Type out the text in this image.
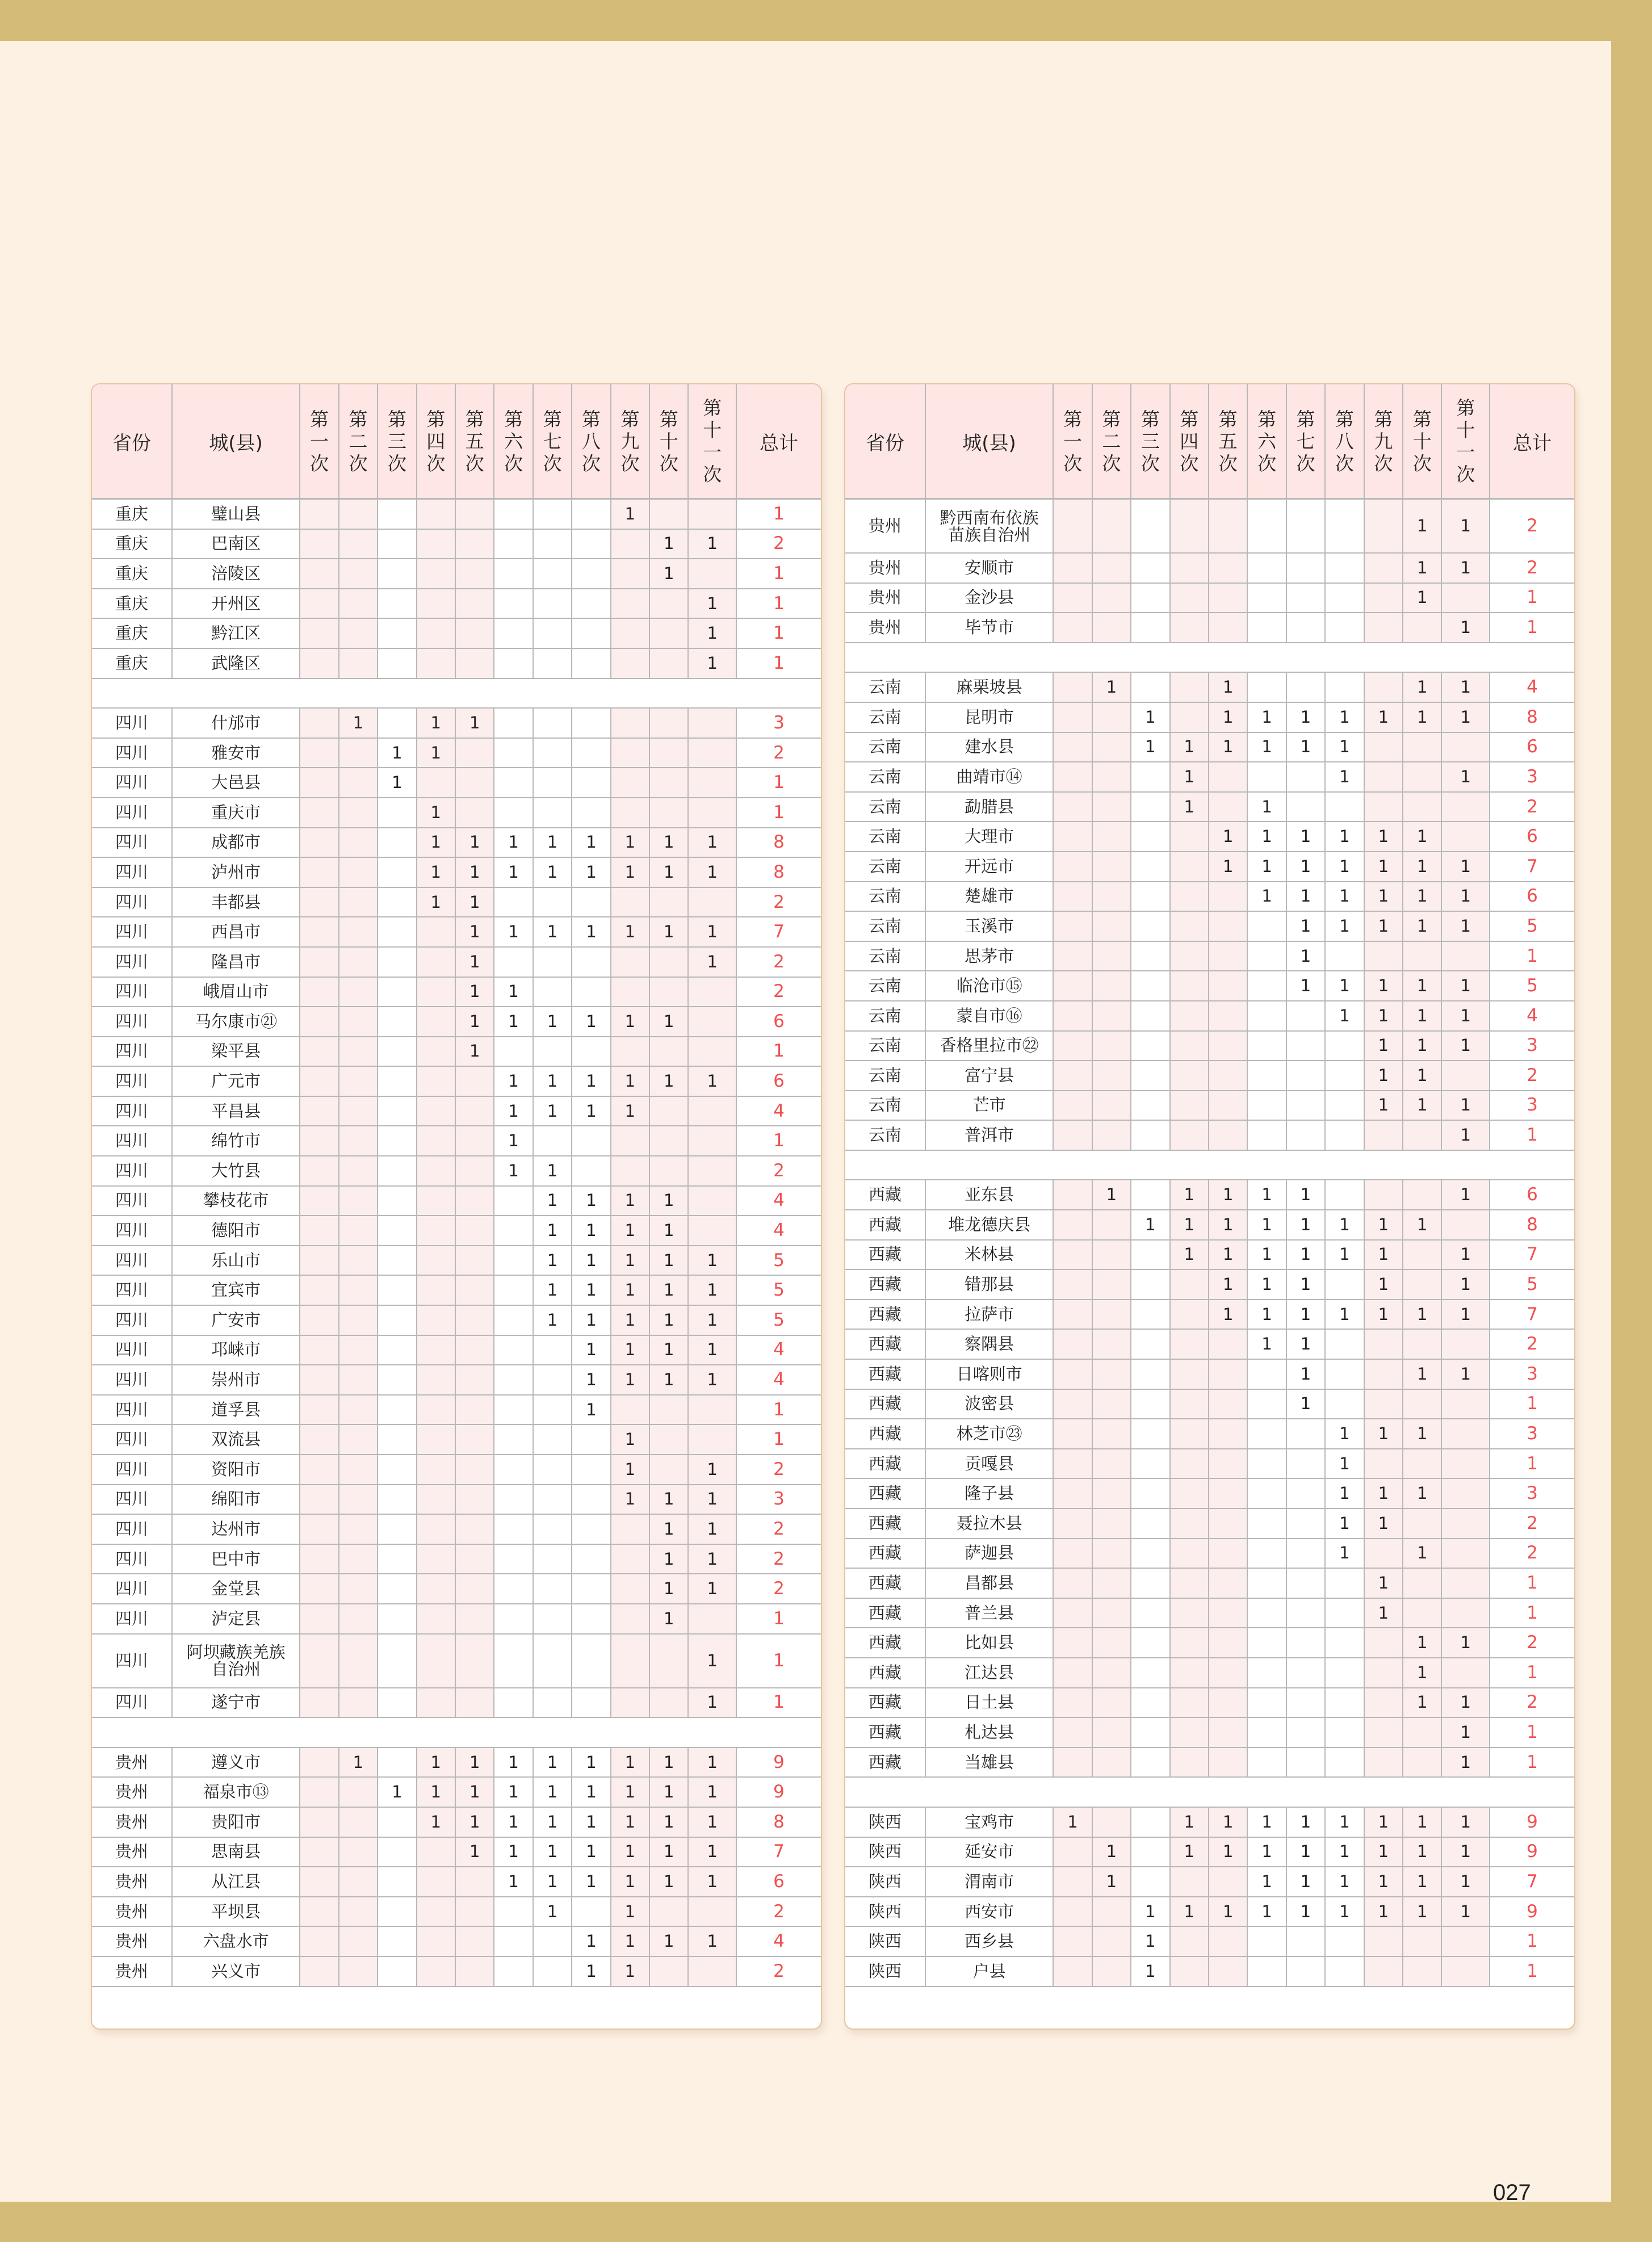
省份	城(县)	第
一
次	第
二
次	第
三
次	第
四
次	第
五
次	第
六
次	第
七
次	第
八
次	第
九
次	第
十
次	第
十一
次	总计
重庆	璧山县									1			1
重庆	巴南区										1	1	2
重庆	涪陵区										1		1
重庆	开州区											1	1
重庆	黔江区											1	1
重庆	武隆区											1	1

四川	什邡市		1		1	1							3
四川	雅安市			1	1								2
四川	大邑县			1									1
四川	重庆市				1								1
四川	成都市				1	1	1	1	1	1	1	1	8
四川	泸州市				1	1	1	1	1	1	1	1	8
四川	丰都县				1	1							2
四川	西昌市					1	1	1	1	1	1	1	7
四川	隆昌市					1						1	2
四川	峨眉山市					1	1						2
四川	马尔康市㉑					1	1	1	1	1	1		6
四川	梁平县					1							1
四川	广元市						1	1	1	1	1	1	6
四川	平昌县						1	1	1	1			4
四川	绵竹市						1						1
四川	大竹县						1	1					2
四川	攀枝花市							1	1	1	1		4
四川	德阳市							1	1	1	1		4
四川	乐山市							1	1	1	1	1	5
四川	宜宾市							1	1	1	1	1	5
四川	广安市							1	1	1	1	1	5
四川	邛崃市								1	1	1	1	4
四川	崇州市								1	1	1	1	4
四川	道孚县								1				1
四川	双流县									1			1
四川	资阳市									1		1	2
四川	绵阳市									1	1	1	3
四川	达州市										1	1	2
四川	巴中市										1	1	2
四川	金堂县										1	1	2
四川	泸定县										1		1
四川	阿坝藏族羌族自治州											1	1
四川	遂宁市											1	1

贵州	遵义市		1		1	1	1	1	1	1	1	1	9
贵州	福泉市⑬			1	1	1	1	1	1	1	1	1	9
贵州	贵阳市				1	1	1	1	1	1	1	1	8
贵州	思南县					1	1	1	1	1	1	1	7
贵州	从江县						1	1	1	1	1	1	6
贵州	平坝县							1		1			2
贵州	六盘水市								1	1	1	1	4
贵州	兴义市								1	1			2
省份	城(县)	第
一
次	第
二
次	第
三
次	第
四
次	第
五
次	第
六
次	第
七
次	第
八
次	第
九
次	第
十
次	第
十一
次	总计
贵州	黔西南布依族苗族自治州										1	1	2
贵州	安顺市										1	1	2
贵州	金沙县										1		1
贵州	毕节市											1	1

云南	麻栗坡县		1			1					1	1	4
云南	昆明市			1		1	1	1	1	1	1	1	8
云南	建水县			1	1	1	1	1	1				6
云南	曲靖市⑭				1				1			1	3
云南	勐腊县				1		1						2
云南	大理市					1	1	1	1	1	1		6
云南	开远市					1	1	1	1	1	1	1	7
云南	楚雄市						1	1	1	1	1	1	6
云南	玉溪市							1	1	1	1	1	5
云南	思茅市							1					1
云南	临沧市⑮							1	1	1	1	1	5
云南	蒙自市⑯								1	1	1	1	4
云南	香格里拉市㉒									1	1	1	3
云南	富宁县									1	1		2
云南	芒市									1	1	1	3
云南	普洱市											1	1

西藏	亚东县		1		1	1	1	1				1	6
西藏	堆龙德庆县			1	1	1	1	1	1	1	1		8
西藏	米林县				1	1	1	1	1	1		1	7
西藏	错那县					1	1	1		1		1	5
西藏	拉萨市					1	1	1	1	1	1	1	7
西藏	察隅县						1	1					2
西藏	日喀则市							1			1	1	3
西藏	波密县							1					1
西藏	林芝市㉓								1	1	1		3
西藏	贡嘎县								1				1
西藏	隆子县								1	1	1		3
西藏	聂拉木县								1	1			2
西藏	萨迦县								1		1		2
西藏	昌都县									1			1
西藏	普兰县									1			1
西藏	比如县										1	1	2
西藏	江达县										1		1
西藏	日土县										1	1	2
西藏	札达县											1	1
西藏	当雄县											1	1

陕西	宝鸡市	1			1	1	1	1	1	1	1	1	9
陕西	延安市		1		1	1	1	1	1	1	1	1	9
陕西	渭南市		1				1	1	1	1	1	1	7
陕西	西安市			1	1	1	1	1	1	1	1	1	9
陕西	西乡县			1									1
陕西	户县			1									1
027
